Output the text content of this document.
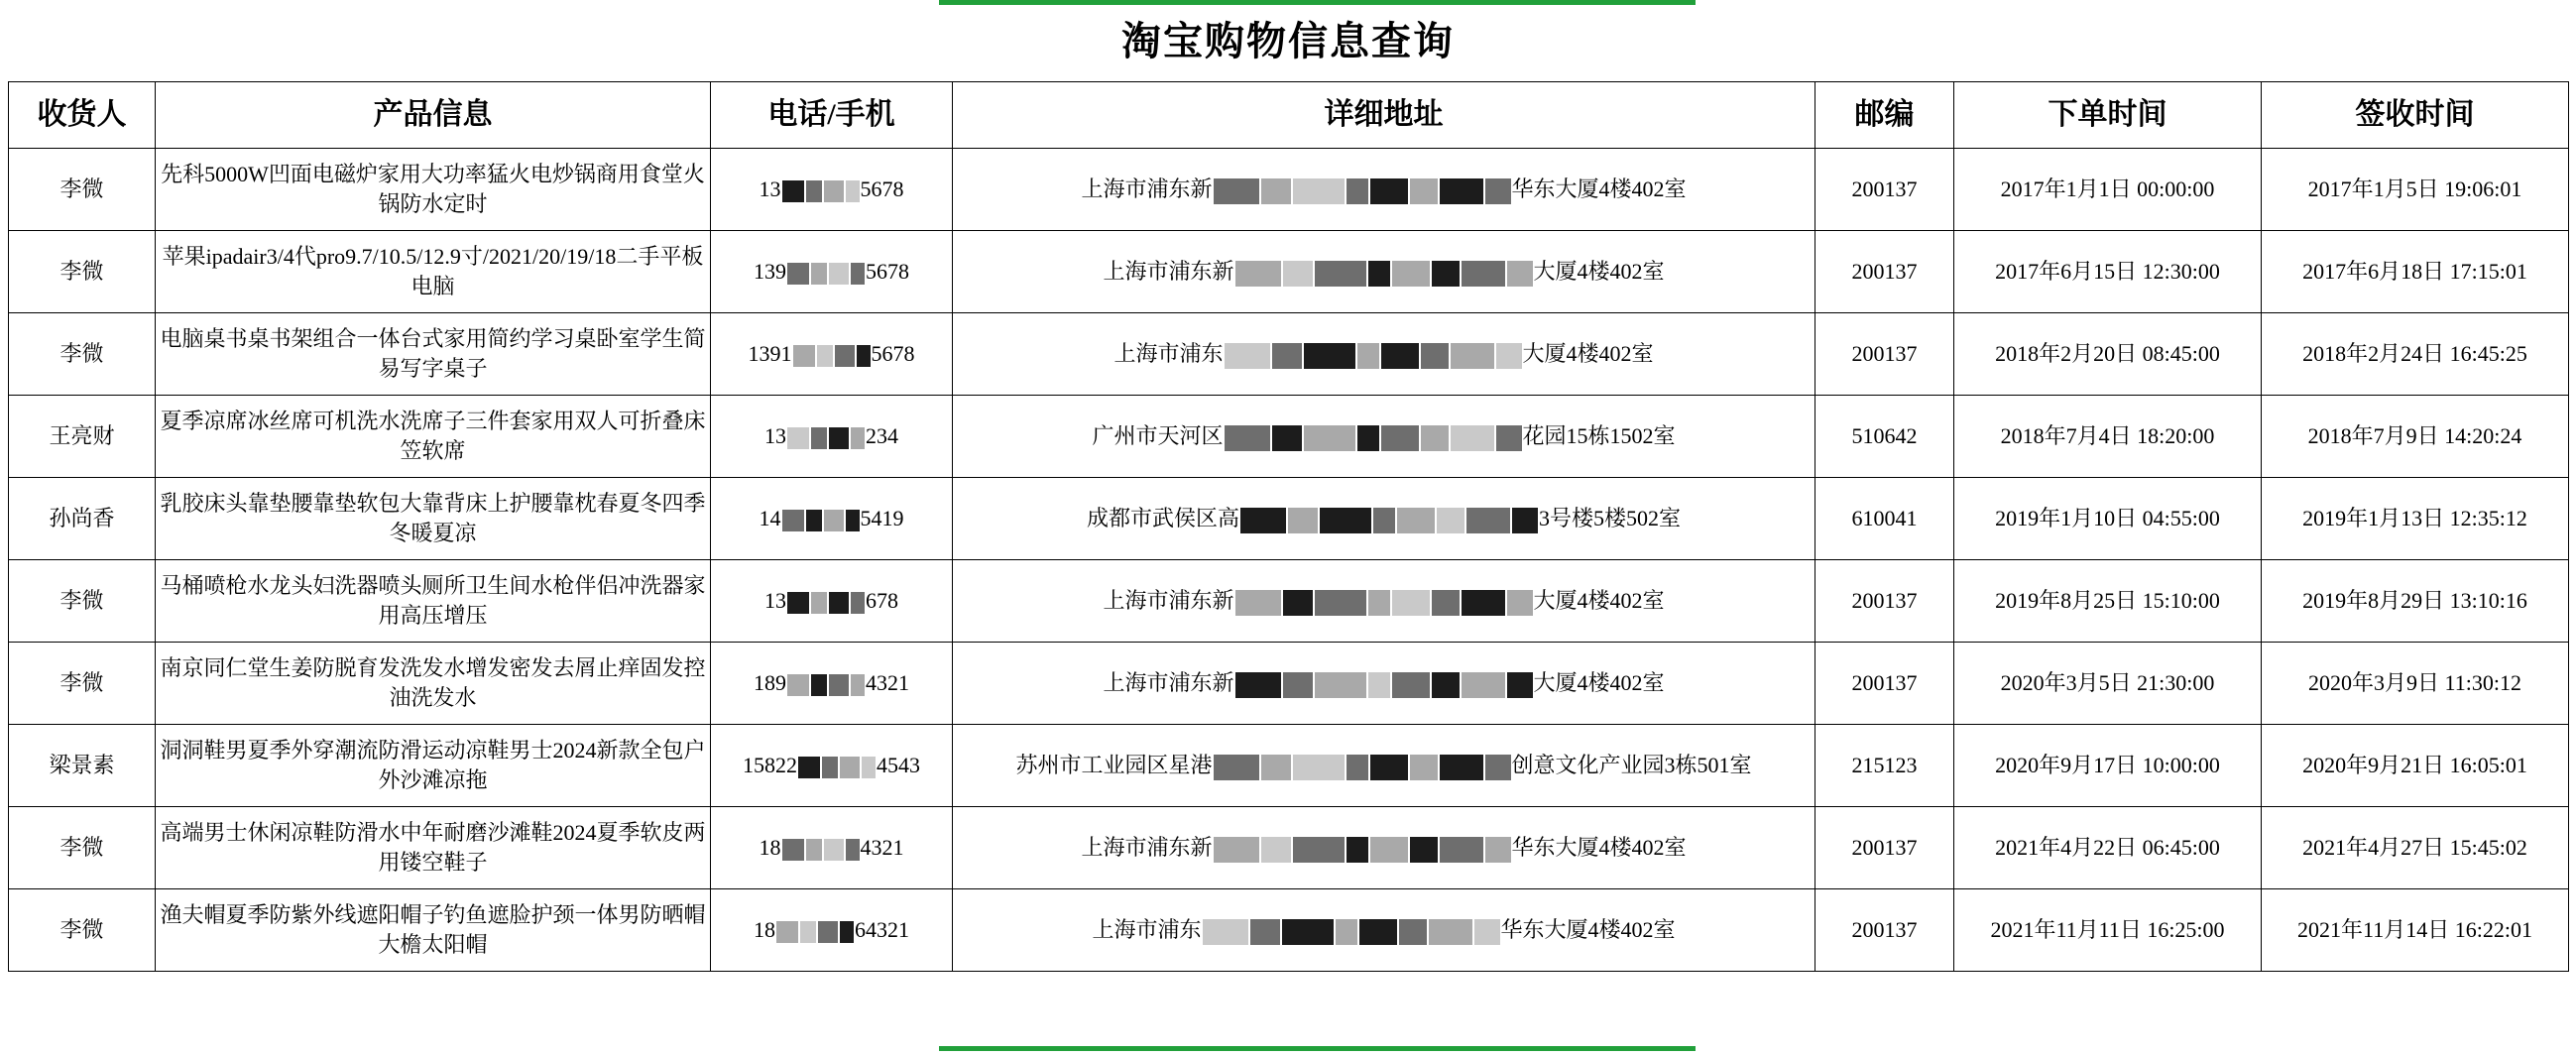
淘宝购物信息查询
收货人	产品信息	电话/手机	详细地址	邮编	下单时间	签收时间
李微	先科5000W凹面电磁炉家用大功率猛火电炒锅商用食堂火锅防水定时	13 5678	上海市浦东新 华东大厦4楼402室	200137	2017年1月1日 00:00:00	2017年1月5日 19:06:01
李微	苹果ipadair3/4代pro9.7/10.5/12.9寸/2021/20/19/18二手平板电脑	139 5678	上海市浦东新 大厦4楼402室	200137	2017年6月15日 12:30:00	2017年6月18日 17:15:01
李微	电脑桌书桌书架组合一体台式家用简约学习桌卧室学生简易写字桌子	1391 5678	上海市浦东 大厦4楼402室	200137	2018年2月20日 08:45:00	2018年2月24日 16:45:25
王亮财	夏季凉席冰丝席可机洗水洗席子三件套家用双人可折叠床笠软席	13 234	广州市天河区 花园15栋1502室	510642	2018年7月4日 18:20:00	2018年7月9日 14:20:24
孙尚香	乳胶床头靠垫腰靠垫软包大靠背床上护腰靠枕春夏冬四季冬暖夏凉	14 5419	成都市武侯区高 3号楼5楼502室	610041	2019年1月10日 04:55:00	2019年1月13日 12:35:12
李微	马桶喷枪水龙头妇洗器喷头厕所卫生间水枪伴侣冲洗器家用高压增压	13 678	上海市浦东新 大厦4楼402室	200137	2019年8月25日 15:10:00	2019年8月29日 13:10:16
李微	南京同仁堂生姜防脱育发洗发水增发密发去屑止痒固发控油洗发水	189 4321	上海市浦东新 大厦4楼402室	200137	2020年3月5日 21:30:00	2020年3月9日 11:30:12
梁景素	洞洞鞋男夏季外穿潮流防滑运动凉鞋男士2024新款全包户外沙滩凉拖	15822 4543	苏州市工业园区星港 创意文化产业园3栋501室	215123	2020年9月17日 10:00:00	2020年9月21日 16:05:01
李微	高端男士休闲凉鞋防滑水中年耐磨沙滩鞋2024夏季软皮两用镂空鞋子	18 4321	上海市浦东新 华东大厦4楼402室	200137	2021年4月22日 06:45:00	2021年4月27日 15:45:02
李微	渔夫帽夏季防紫外线遮阳帽子钓鱼遮脸护颈一体男防晒帽大檐太阳帽	18 64321	上海市浦东 华东大厦4楼402室	200137	2021年11月11日 16:25:00	2021年11月14日 16:22:01
